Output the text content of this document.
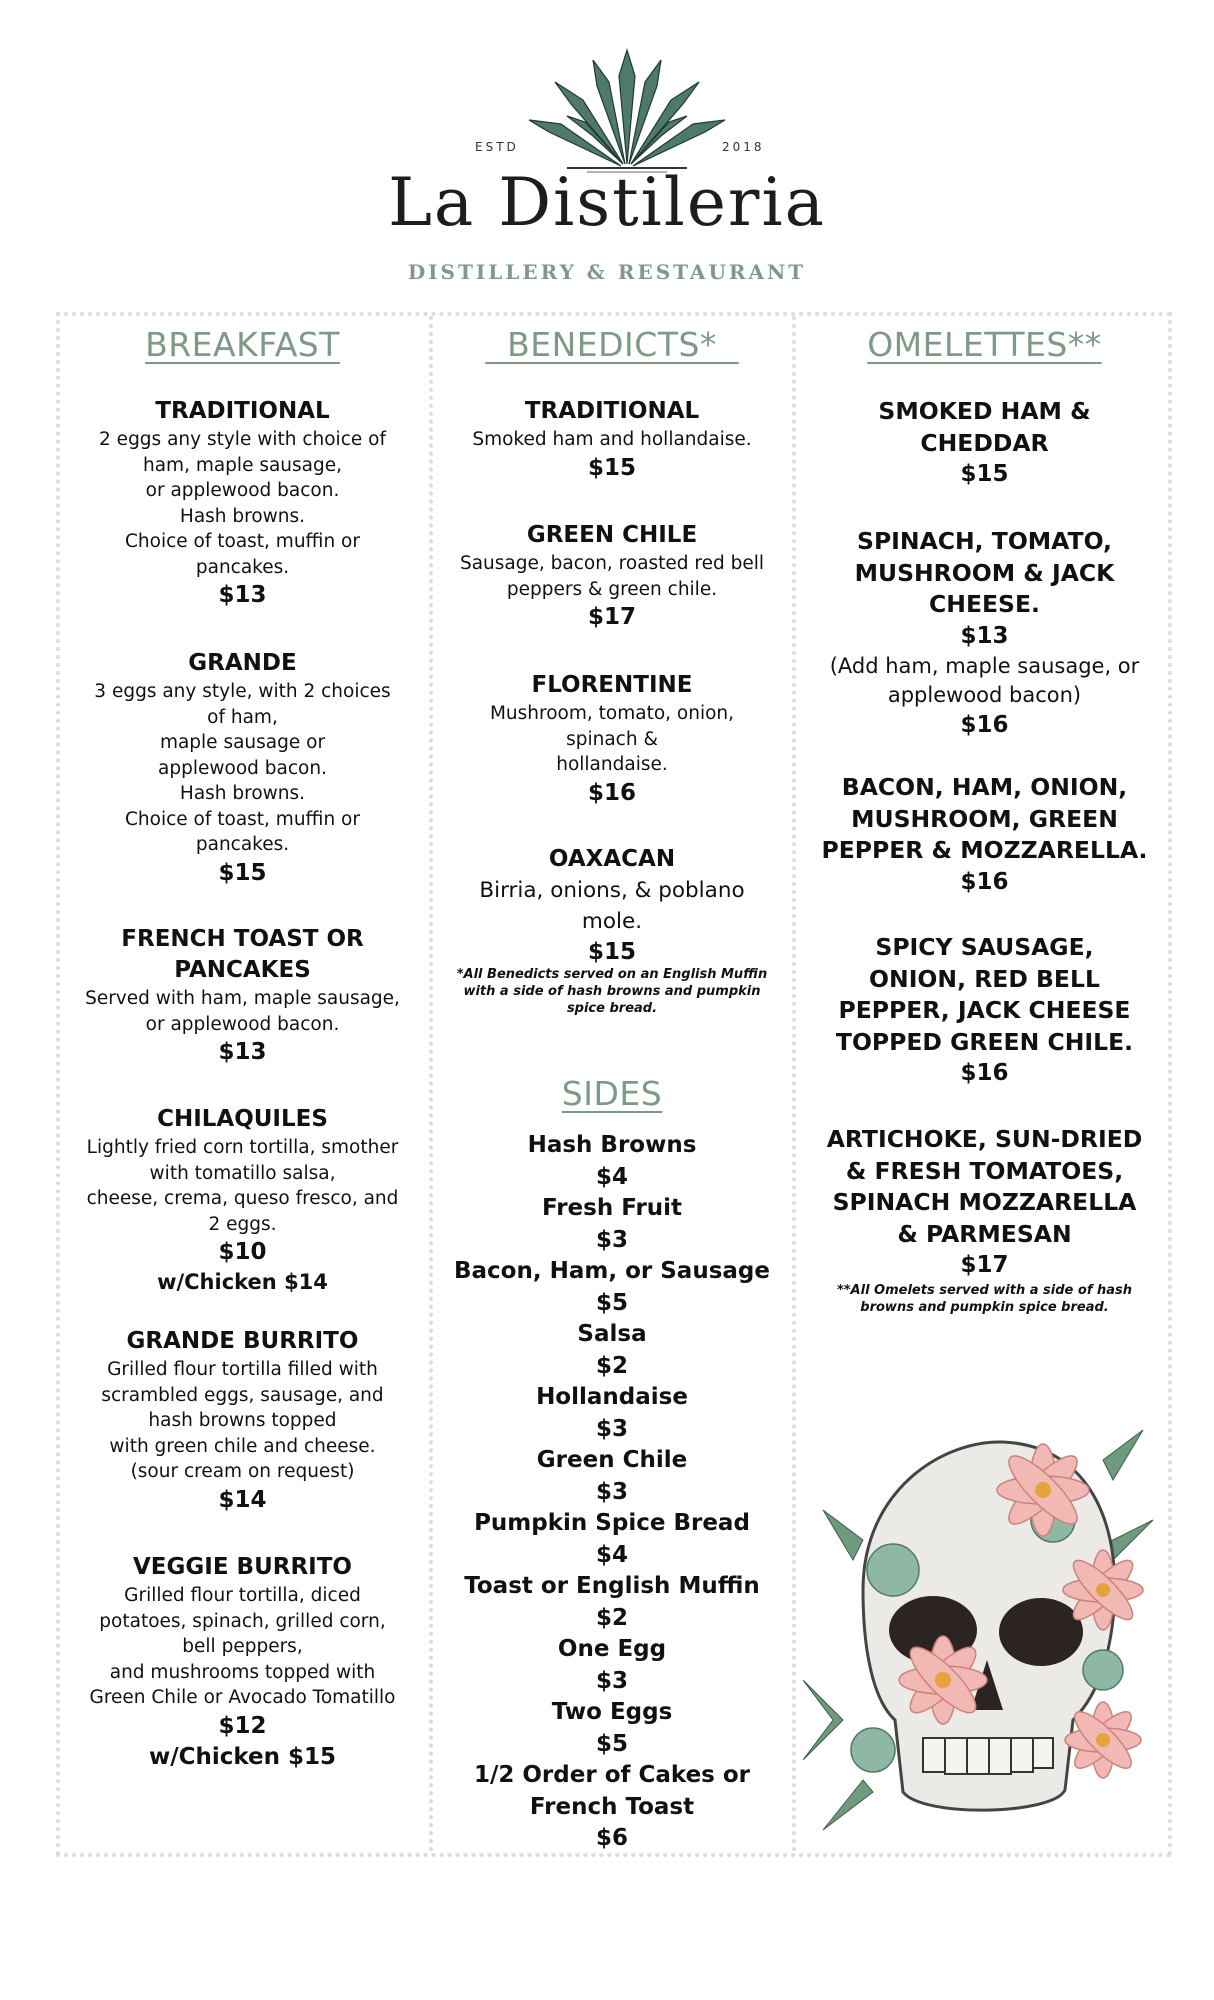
ESTD	2018
La Distileria
DISTILLERY & RESTAURANT
BREAKFAST
TRADITIONAL
2 eggs any style with choice of
ham, maple sausage,
or applewood bacon.
Hash browns.
Choice of toast, muffin or
pancakes.
$13
GRANDE
3 eggs any style, with 2 choices
of ham,
maple sausage or
applewood bacon.
Hash browns.
Choice of toast, muffin or
pancakes.
$15
FRENCH TOAST OR
PANCAKES
Served with ham, maple sausage,
or applewood bacon.
$13
CHILAQUILES
Lightly fried corn tortilla, smother
with tomatillo salsa,
cheese, crema, queso fresco, and
2 eggs.
$10
w/Chicken $14
GRANDE BURRITO
Grilled flour tortilla filled with
scrambled eggs, sausage, and
hash browns topped
with green chile and cheese.
(sour cream on request)
$14
VEGGIE BURRITO
Grilled flour tortilla, diced
potatoes, spinach, grilled corn,
bell peppers,
and mushrooms topped with
Green Chile or Avocado Tomatillo
$12
w/Chicken $15
BENEDICTS*
TRADITIONAL
Smoked ham and hollandaise.
$15
GREEN CHILE
Sausage, bacon, roasted red bell
peppers & green chile.
$17
FLORENTINE
Mushroom, tomato, onion,
spinach &
hollandaise.
$16
OAXACAN
Birria, onions, & poblano
mole.
$15
*All Benedicts served on an English Muffin
with a side of hash browns and pumpkin
spice bread.
SIDES
Hash Browns
$4
Fresh Fruit
$3
Bacon, Ham, or Sausage
$5
Salsa
$2
Hollandaise
$3
Green Chile
$3
Pumpkin Spice Bread
$4
Toast or English Muffin
$2
One Egg
$3
Two Eggs
$5
1/2 Order of Cakes or
French Toast
$6
OMELETTES**
SMOKED HAM &
CHEDDAR
$15
SPINACH, TOMATO,
MUSHROOM & JACK
CHEESE.
$13
(Add ham, maple sausage, or
applewood bacon)
$16
BACON, HAM, ONION,
MUSHROOM, GREEN
PEPPER & MOZZARELLA.
$16
SPICY SAUSAGE,
ONION, RED BELL
PEPPER, JACK CHEESE
TOPPED GREEN CHILE.
$16
ARTICHOKE, SUN-DRIED
& FRESH TOMATOES,
SPINACH MOZZARELLA
& PARMESAN
$17
**All Omelets served with a side of hash
browns and pumpkin spice bread.
